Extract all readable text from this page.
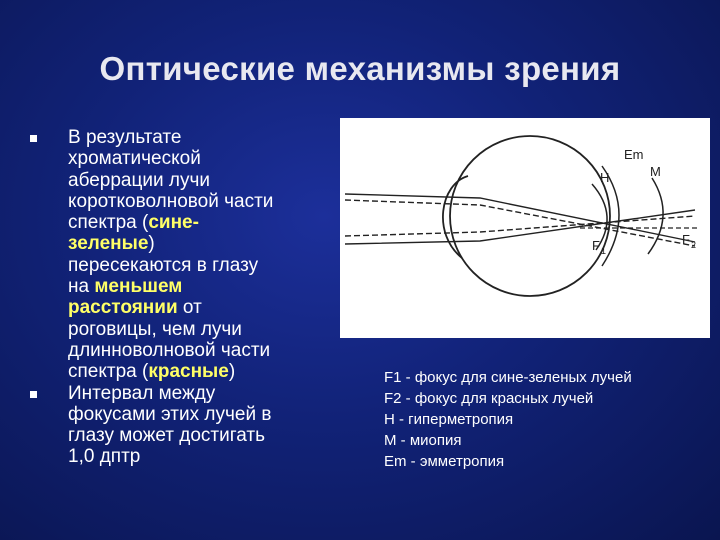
Оптические механизмы зрения
В результате
хроматической
аберрации лучи
коротковолновой части
спектра (сине-
зеленые)
пересекаются в глазу
на меньшем
расстоянии от
роговицы, чем лучи
длинноволновой части
спектра (красные)
Интервал между
фокусами этих лучей в
глазу может достигать
1,0 дптр
Em
H	M
F 1
F 2
F1 - фокус для сине-зеленых лучей
F2 - фокус для красных лучей
H - гиперметропия
M - миопия
Em - эмметропия
